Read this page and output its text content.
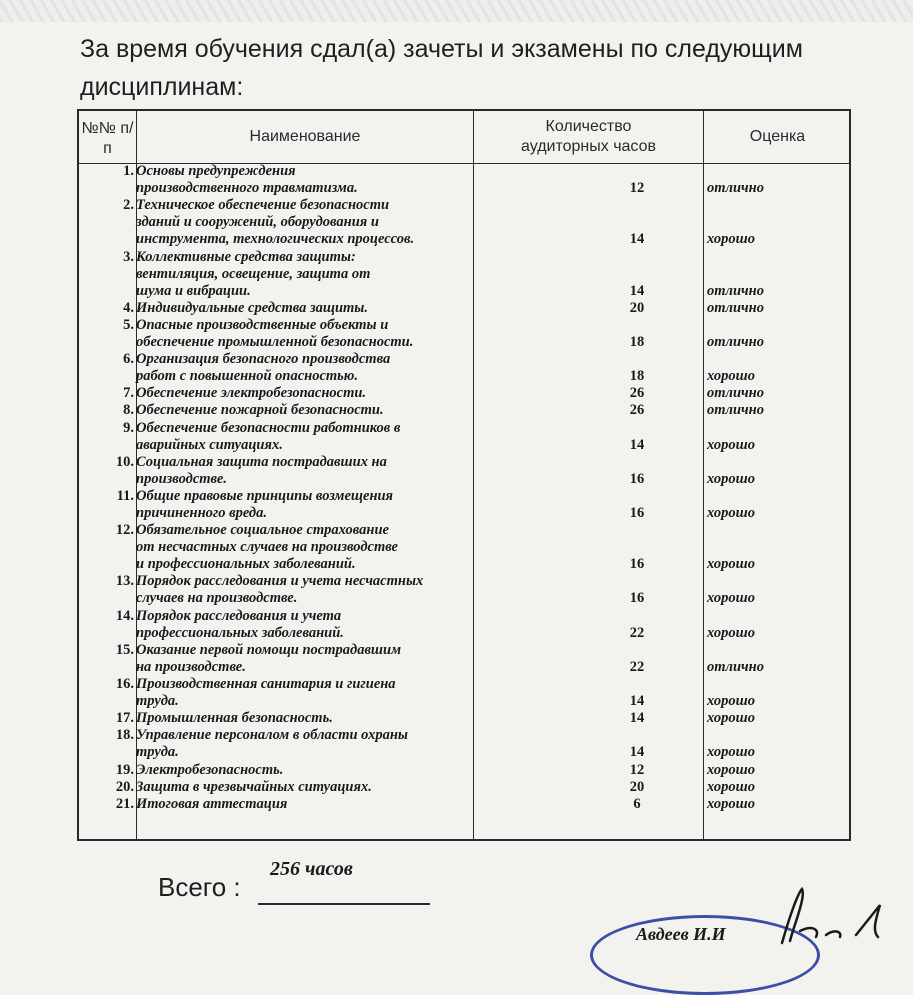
За время обучения сдал(а) зачеты и экзамены по следующим дисциплинам:
№№ п/п
Наименование
Количество аудиторных часов
Оценка
1. Основы предупреждения
производственного травматизма.	12	отлично
2. Техническое обеспечение безопасности
зданий и сооружений, оборудования и
инструмента, технологических процессов.	14	хорошо
3. Коллективные средства защиты:
вентиляция, освещение, защита от
шума и вибрации.	14	отлично
4. Индивидуальные средства защиты.	20	отлично
5. Опасные производственные объекты и
обеспечение промышленной безопасности.	18	отлично
6. Организация безопасного производства
работ с повышенной опасностью.	18	хорошо
7. Обеспечение электробезопасности.	26	отлично
8. Обеспечение пожарной безопасности.	26	отлично
9. Обеспечение безопасности работников в
аварийных ситуациях.	14	хорошо
10. Социальная защита пострадавших на
производстве.	16	хорошо
11. Общие правовые принципы возмещения
причиненного вреда.	16	хорошо
12. Обязательное социальное страхование
от несчастных случаев на производстве
и профессиональных заболеваний.	16	хорошо
13. Порядок расследования и учета несчастных
случаев на производстве.	16	хорошо
14. Порядок расследования и учета
профессиональных заболеваний.	22	хорошо
15. Оказание первой помощи пострадавшим
на производстве.	22	отлично
16. Производственная санитария и гигиена
труда.	14	хорошо
17. Промышленная безопасность.	14	хорошо
18. Управление персоналом в области охраны
труда.	14	хорошо
19. Электробезопасность.	12	хорошо
20. Защита в чрезвычайных ситуациях.	20	хорошо
21. Итоговая аттестация	6	хорошо
256 часов
Всего :
Авдеев И.И
